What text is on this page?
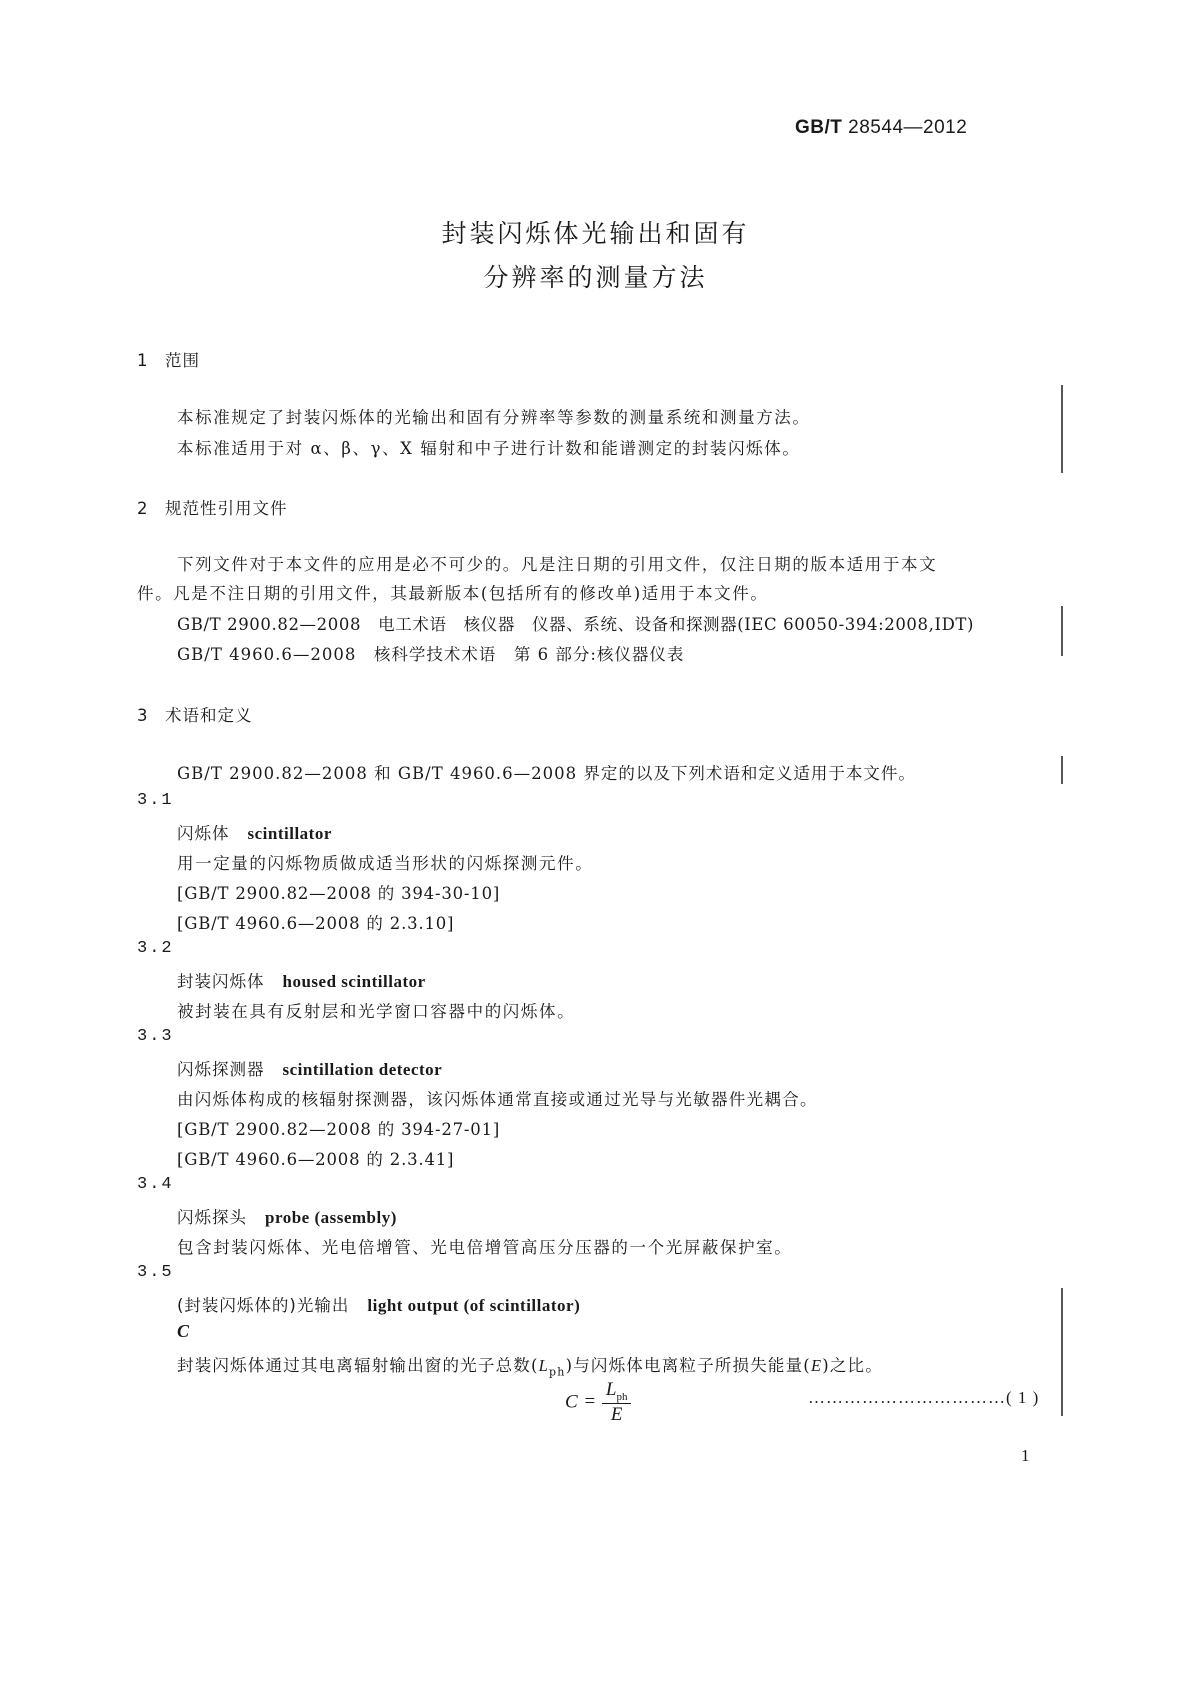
GB/T 28544—2012
封装闪烁体光输出和固有
分辨率的测量方法
1 范围
本标准规定了封装闪烁体的光输出和固有分辨率等参数的测量系统和测量方法。
本标准适用于对 α、β、γ、X 辐射和中子进行计数和能谱测定的封装闪烁体。
2 规范性引用文件
下列文件对于本文件的应用是必不可少的。凡是注日期的引用文件，仅注日期的版本适用于本文
件。凡是不注日期的引用文件，其最新版本(包括所有的修改单)适用于本文件。
GB/T 2900.82—2008　电工术语　核仪器　仪器、系统、设备和探测器(IEC 60050-394:2008,IDT)
GB/T 4960.6—2008　核科学技术术语　第 6 部分:核仪器仪表
3 术语和定义
GB/T 2900.82—2008 和 GB/T 4960.6—2008 界定的以及下列术语和定义适用于本文件。
3.1
闪烁体 scintillator
用一定量的闪烁物质做成适当形状的闪烁探测元件。
[GB/T 2900.82—2008 的 394-30-10]
[GB/T 4960.6—2008 的 2.3.10]
3.2
封装闪烁体 housed scintillator
被封装在具有反射层和光学窗口容器中的闪烁体。
3.3
闪烁探测器 scintillation detector
由闪烁体构成的核辐射探测器，该闪烁体通常直接或通过光导与光敏器件光耦合。
[GB/T 2900.82—2008 的 394-27-01]
[GB/T 4960.6—2008 的 2.3.41]
3.4
闪烁探头 probe (assembly)
包含封装闪烁体、光电倍增管、光电倍增管高压分压器的一个光屏蔽保护室。
3.5
(封装闪烁体的)光输出 light output (of scintillator)
C
封装闪烁体通过其电离辐射输出窗的光子总数$(L_{ph})$与闪烁体电离粒子所损失能量(E)之比。
$C = \frac{L_{ph}}{E}$	……………………………( 1 )
1
